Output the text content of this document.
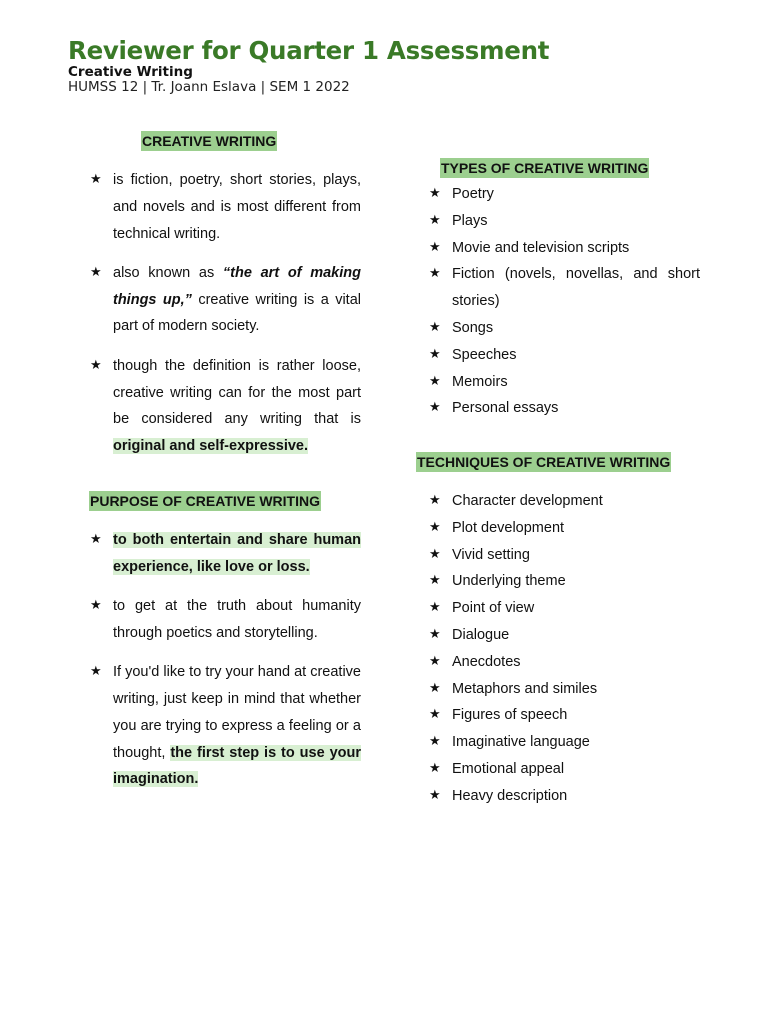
Reviewer for Quarter 1 Assessment
Creative Writing
HUMSS 12 | Tr. Joann Eslava | SEM 1 2022
CREATIVE WRITING
★ is fiction, poetry, short stories, plays, and novels and is most different from technical writing.
★ also known as “the art of making things up,” creative writing is a vital part of modern society.
★ though the definition is rather loose, creative writing can for the most part be considered any writing that is original and self-expressive.
PURPOSE OF CREATIVE WRITING
★ to both entertain and share human experience, like love or loss.
★ to get at the truth about humanity through poetics and storytelling.
★ If you'd like to try your hand at creative writing, just keep in mind that whether you are trying to express a feeling or a thought, the first step is to use your imagination.
TYPES OF CREATIVE WRITING
★ Poetry
★ Plays
★ Movie and television scripts
★ Fiction (novels, novellas, and short stories)
★ Songs
★ Speeches
★ Memoirs
★ Personal essays
TECHNIQUES OF CREATIVE WRITING
★ Character development
★ Plot development
★ Vivid setting
★ Underlying theme
★ Point of view
★ Dialogue
★ Anecdotes
★ Metaphors and similes
★ Figures of speech
★ Imaginative language
★ Emotional appeal
★ Heavy description
